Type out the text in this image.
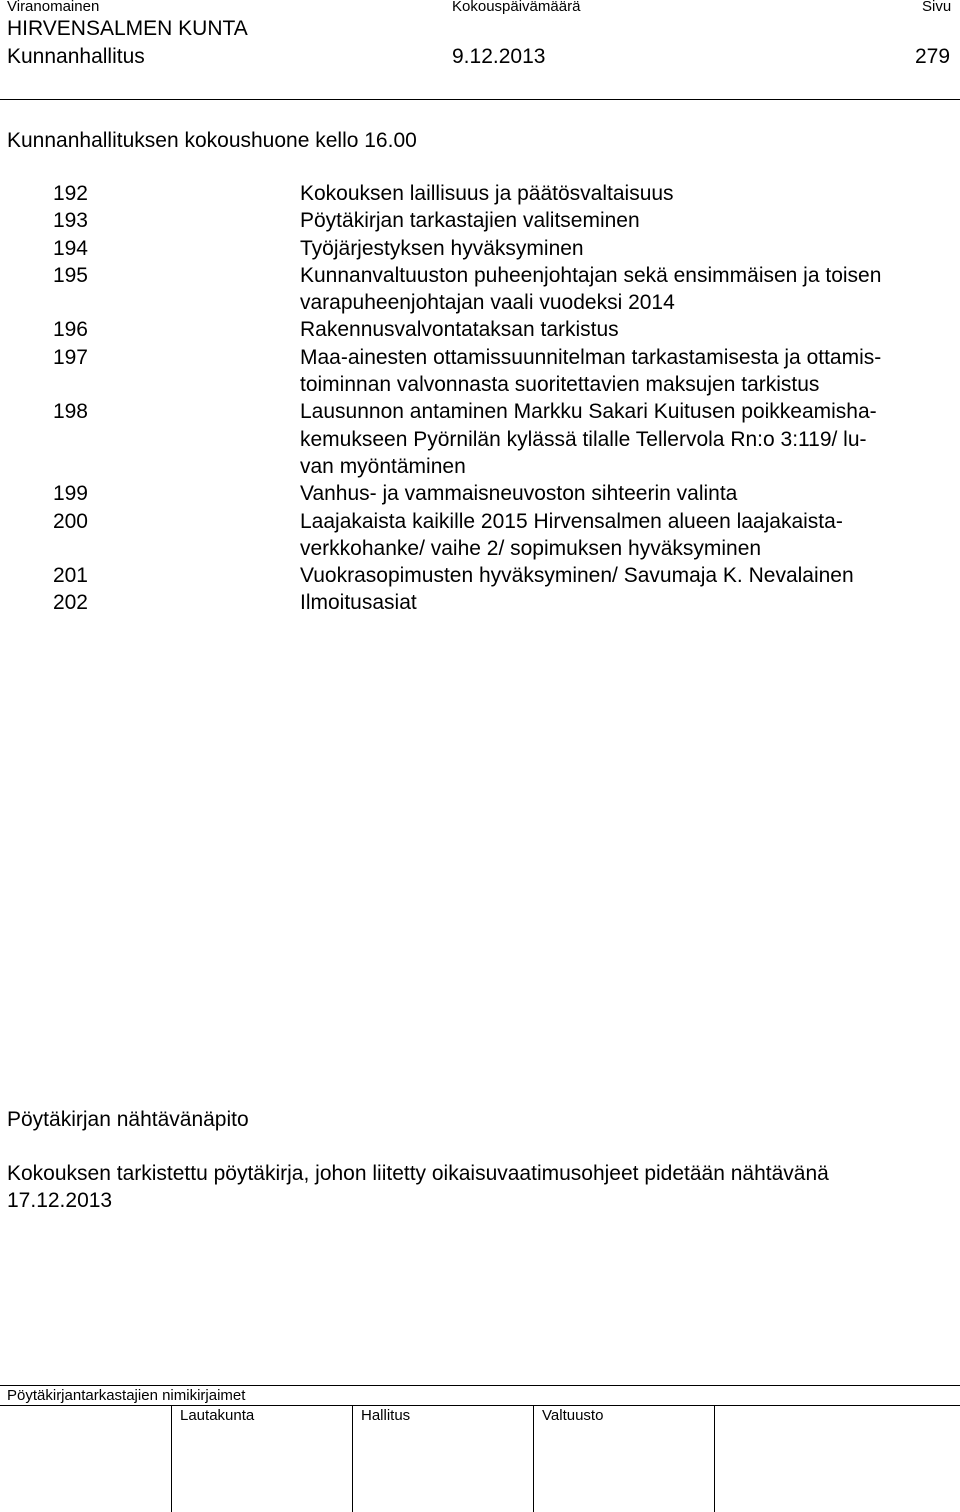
Viranomainen	Kokouspäivämäärä	Sivu
HIRVENSALMEN KUNTA
Kunnanhallitus	9.12.2013	279
Kunnanhallituksen kokoushuone kello 16.00
192	Kokouksen laillisuus ja päätösvaltaisuus
193	Pöytäkirjan tarkastajien valitseminen
194	Työjärjestyksen hyväksyminen
195	Kunnanvaltuuston puheenjohtajan sekä ensimmäisen ja toisen
varapuheenjohtajan vaali vuodeksi 2014
196	Rakennusvalvontataksan tarkistus
197	Maa-ainesten ottamissuunnitelman tarkastamisesta ja ottamis-
toiminnan valvonnasta suoritettavien maksujen tarkistus
198	Lausunnon antaminen Markku Sakari Kuitusen poikkeamisha-
kemukseen Pyörnilän kylässä tilalle Tellervola Rn:o 3:119/ lu-
van myöntäminen
199	Vanhus- ja vammaisneuvoston sihteerin valinta
200	Laajakaista kaikille 2015 Hirvensalmen alueen laajakaista-
verkkohanke/ vaihe 2/ sopimuksen hyväksyminen
201	Vuokrasopimusten hyväksyminen/ Savumaja K. Nevalainen
202	Ilmoitusasiat
Pöytäkirjan nähtävänäpito
Kokouksen tarkistettu pöytäkirja, johon liitetty oikaisuvaatimusohjeet pidetään nähtävänä
17.12.2013
Pöytäkirjantarkastajien nimikirjaimet
Lautakunta	Hallitus	Valtuusto
